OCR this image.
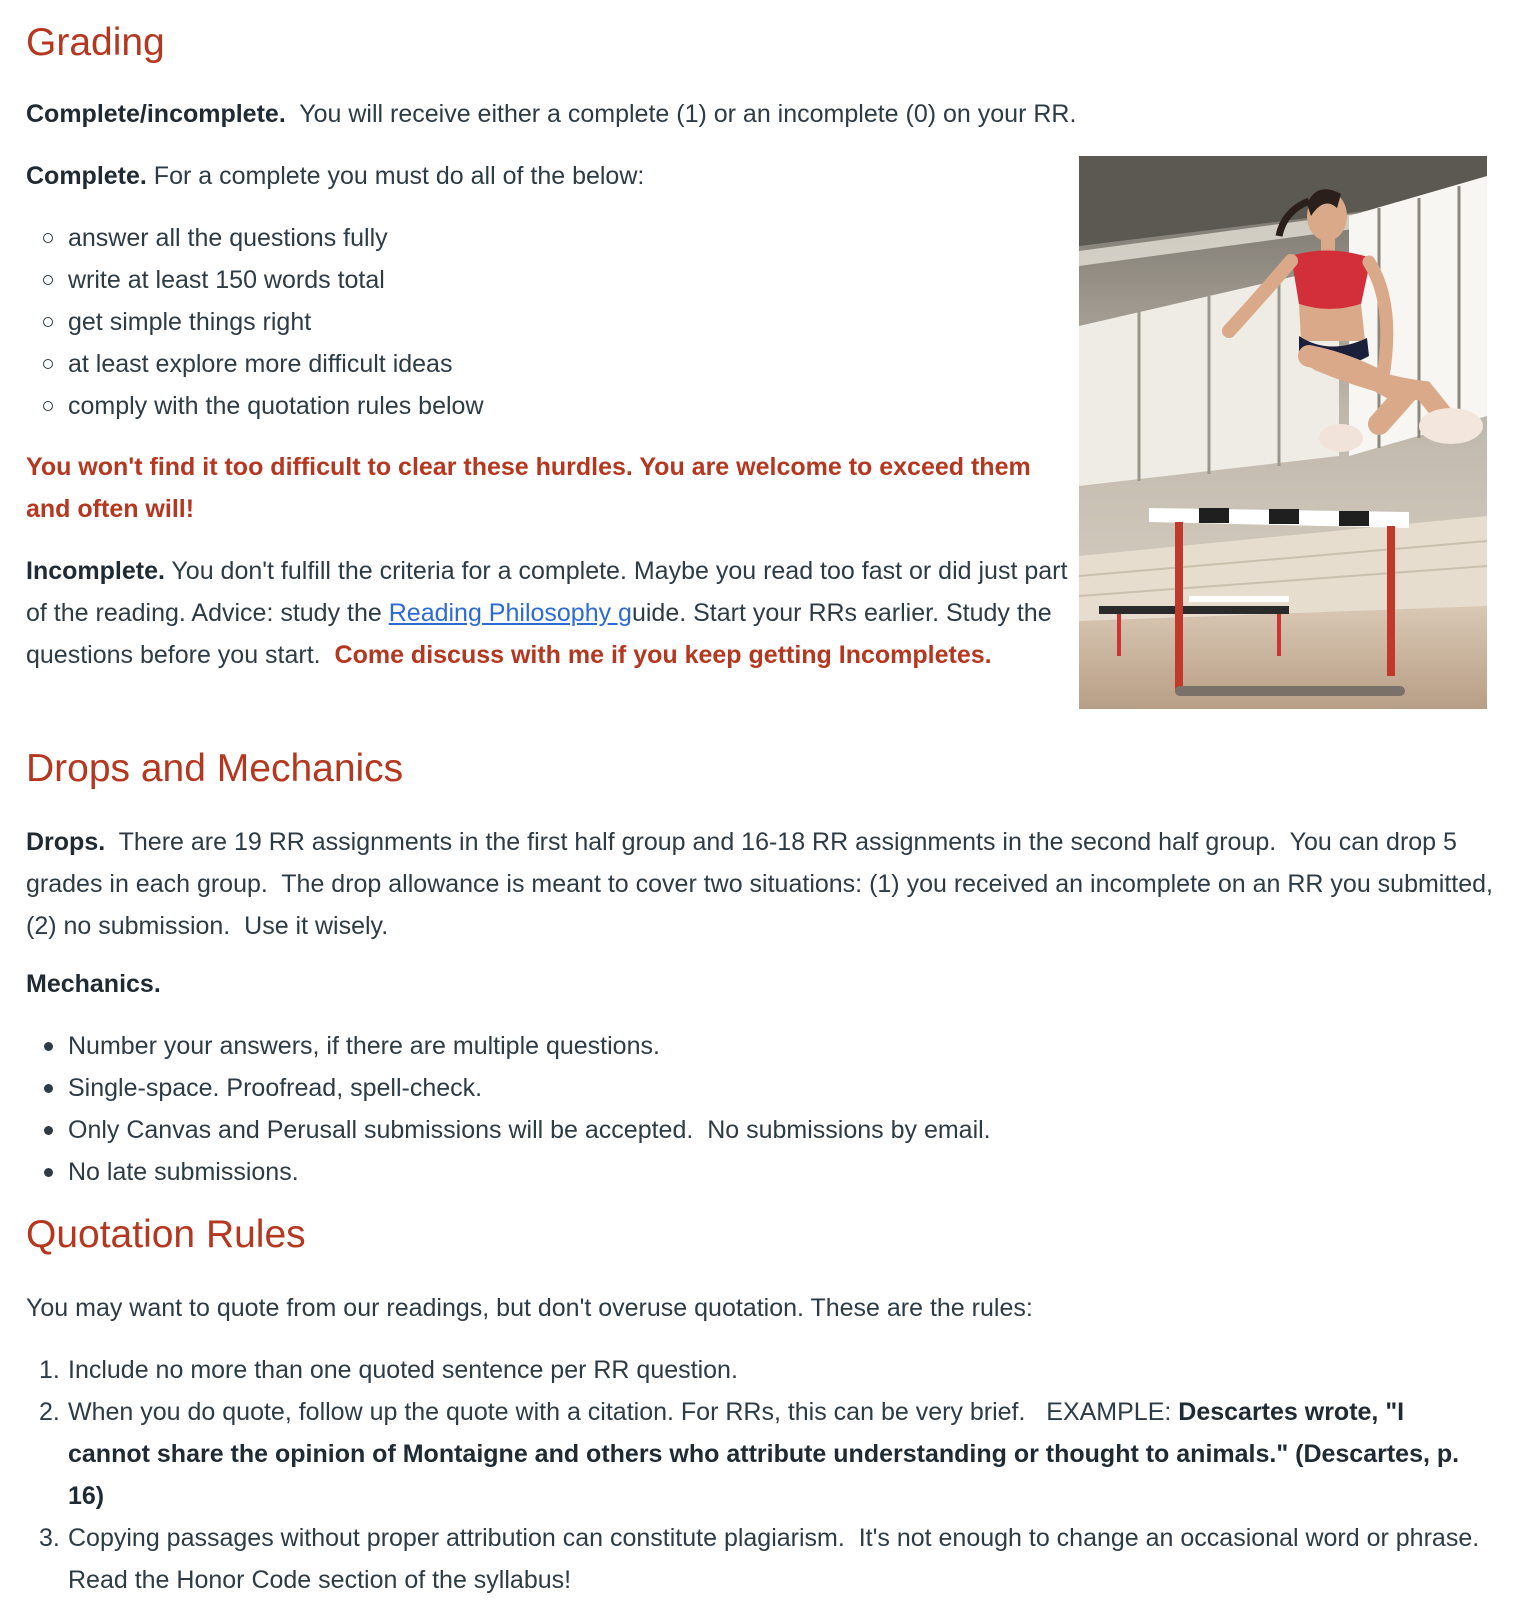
Grading
Complete/incomplete.  You will receive either a complete (1) or an incomplete (0) on your RR.
Complete. For a complete you must do all of the below:
answer all the questions fully
write at least 150 words total
get simple things right
at least explore more difficult ideas
comply with the quotation rules below
You won't find it too difficult to clear these hurdles. You are welcome to exceed them and often will!
Incomplete. You don't fulfill the criteria for a complete. Maybe you read too fast or did just part of the reading. Advice: study the Reading Philosophy guide. Start your RRs earlier. Study the questions before you start.  Come discuss with me if you keep getting Incompletes.
Drops and Mechanics
Drops.  There are 19 RR assignments in the first half group and 16-18 RR assignments in the second half group.  You can drop 5 grades in each group.  The drop allowance is meant to cover two situations: (1) you received an incomplete on an RR you submitted, (2) no submission.  Use it wisely.
Mechanics.
Number your answers, if there are multiple questions.
Single-space. Proofread, spell-check.
Only Canvas and Perusall submissions will be accepted.  No submissions by email.
No late submissions.
Quotation Rules
You may want to quote from our readings, but don't overuse quotation. These are the rules:
1. Include no more than one quoted sentence per RR question.
2. When you do quote, follow up the quote with a citation. For RRs, this can be very brief.   EXAMPLE: Descartes wrote, "I cannot share the opinion of Montaigne and others who attribute understanding or thought to animals." (Descartes, p. 16)
3. Copying passages without proper attribution can constitute plagiarism.  It's not enough to change an occasional word or phrase. Read the Honor Code section of the syllabus!
